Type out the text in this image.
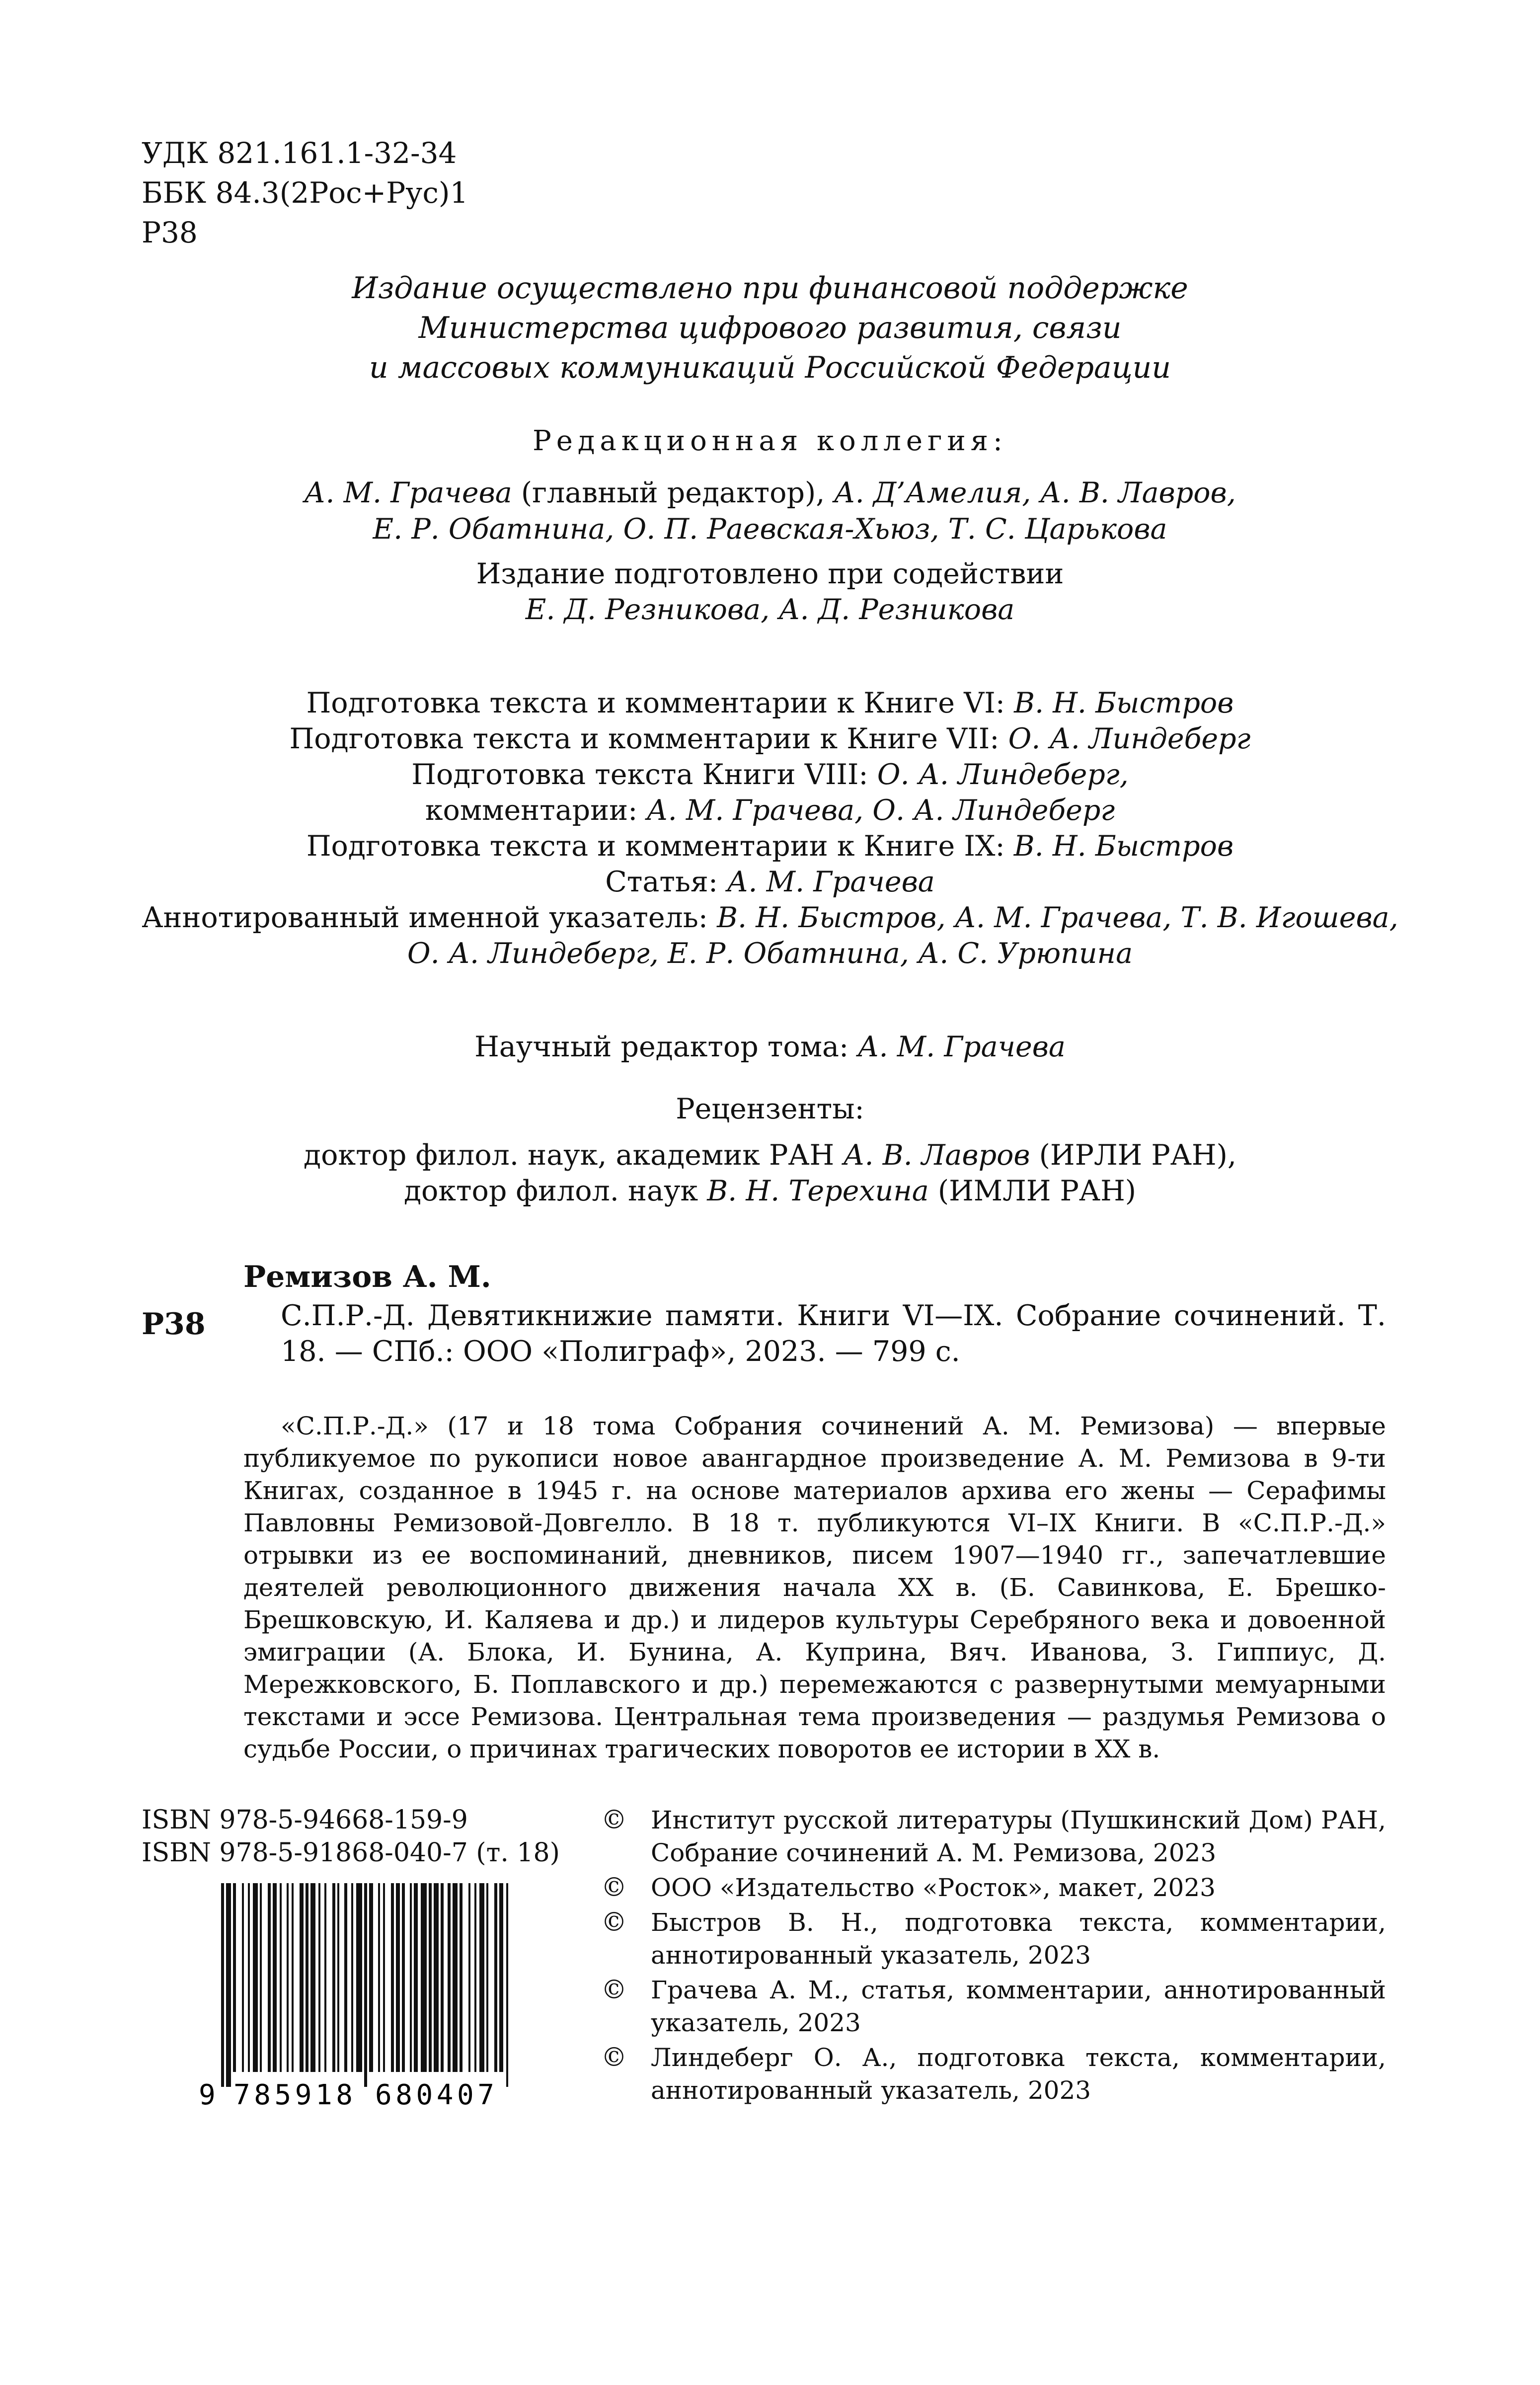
УДК 821.161.1-32-34
ББК 84.3(2Рос+Рус)1
Р38
Издание осуществлено при финансовой поддержке
Министерства цифрового развития, связи
и массовых коммуникаций Российской Федерации
Редакционная коллегия:
А. М. Грачева (главный редактор), А. Д’Амелия, А. В. Лавров,
Е. Р. Обатнина, О. П. Раевская-Хьюз, Т. С. Царькова
Издание подготовлено при содействии
Е. Д. Резникова, А. Д. Резникова
Подготовка текста и комментарии к Книге VI: В. Н. Быстров
Подготовка текста и комментарии к Книге VII: О. А. Линдеберг
Подготовка текста Книги VIII: О. А. Линдеберг,
комментарии: А. М. Грачева, О. А. Линдеберг
Подготовка текста и комментарии к Книге IX: В. Н. Быстров
Статья: А. М. Грачева
Аннотированный именной указатель: В. Н. Быстров, А. М. Грачева, Т. В. Игошева,
О. А. Линдеберг, Е. Р. Обатнина, А. С. Урюпина
Научный редактор тома: А. М. Грачева
Рецензенты:
доктор филол. наук, академик РАН А. В. Лавров (ИРЛИ РАН),
доктор филол. наук В. Н. Терехина (ИМЛИ РАН)
Ремизов А. М.
Р38	С.П.Р.-Д. Девятикнижие памяти. Книги VI—IX. Собрание сочинений. Т. 18. — СПб.: ООО «Полиграф», 2023. — 799 с.
«С.П.Р.-Д.» (17 и 18 тома Собрания сочинений А. М. Ремизова) — впервые публикуемое по рукописи новое авангардное произведение А. М. Ремизова в 9-ти Книгах, созданное в 1945 г. на основе материалов архива его жены — Серафимы Павловны Ремизовой-Довгелло. В 18 т. публикуются VI–IX Книги. В «С.П.Р.-Д.» отрывки из ее воспоминаний, дневников, писем 1907—1940 гг., запечатлевшие деятелей революционного движения начала XX в. (Б. Савинкова, Е. Брешко-Брешковскую, И. Каляева и др.) и лидеров культуры Серебряного века и довоенной эмиграции (А. Блока, И. Бунина, А. Куприна, Вяч. Иванова, З. Гиппиус, Д. Мережковского, Б. Поплавского и др.) перемежаются с развернутыми мемуарными текстами и эссе Ремизова. Центральная тема произведения — раздумья Ремизова о судьбе России, о причинах трагических поворотов ее истории в XX в.
ISBN 978-5-94668-159-9
ISBN 978-5-91868-040-7 (т. 18)
9 785918 680407
© Институт русской литературы (Пушкинский Дом) РАН, Собрание сочинений А. М. Ремизова, 2023
© ООО «Издательство «Росток», макет, 2023
© Быстров В. Н., подготовка текста, комментарии, аннотированный указатель, 2023
© Грачева А. М., статья, комментарии, аннотированный указатель, 2023
© Линдеберг О. А., подготовка текста, комментарии, аннотированный указатель, 2023
